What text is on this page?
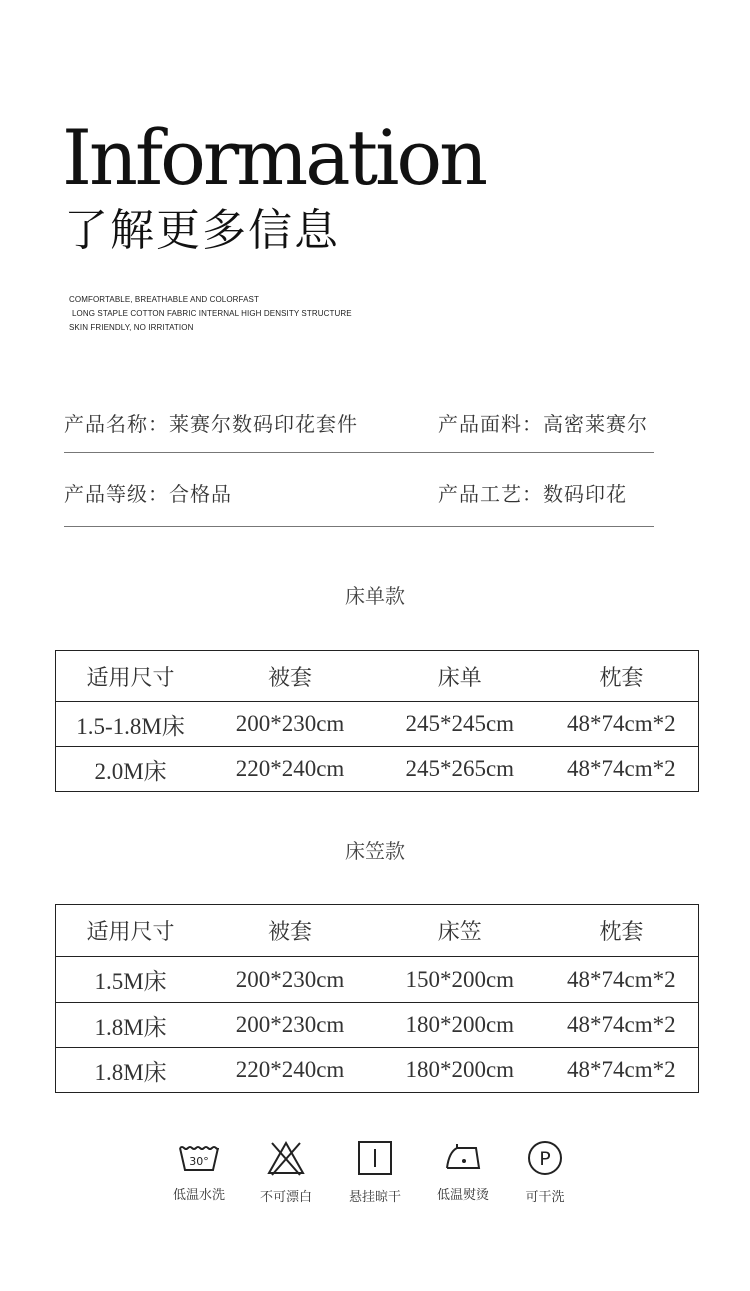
Information
了解更多信息
COMFORTABLE, BREATHABLE AND COLORFAST
LONG STAPLE COTTON FABRIC INTERNAL HIGH DENSITY STRUCTURE
SKIN FRIENDLY, NO IRRITATION
产品名称：莱赛尔数码印花套件	产品面料：高密莱赛尔
产品等级：合格品	产品工艺：数码印花
床单款
适用尺寸	被套	床单	枕套
1.5-1.8M床	200*230cm	245*245cm	48*74cm*2
2.0M床	220*240cm	245*265cm	48*74cm*2
床笠款
适用尺寸	被套	床笠	枕套
1.5M床	200*230cm	150*200cm	48*74cm*2
1.8M床	200*230cm	180*200cm	48*74cm*2
1.8M床	220*240cm	180*200cm	48*74cm*2
30°
低温水洗	不可漂白	悬挂晾干	低温熨烫
P
可干洗
